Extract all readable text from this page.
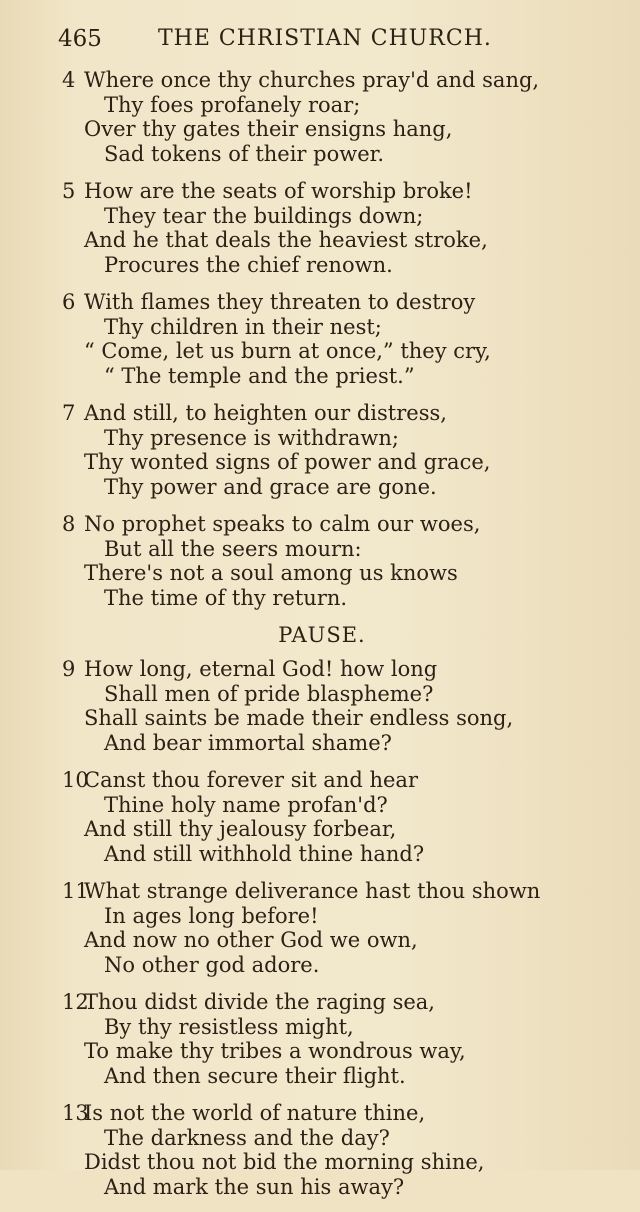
465	THE CHRISTIAN CHURCH.
4 Where once thy churches pray'd and sang,
Thy foes profanely roar;
Over thy gates their ensigns hang,
Sad tokens of their power.
5 How are the seats of worship broke!
They tear the buildings down;
And he that deals the heaviest stroke,
Procures the chief renown.
6 With flames they threaten to destroy
Thy children in their nest;
“ Come, let us burn at once,” they cry,
“ The temple and the priest.”
7 And still, to heighten our distress,
Thy presence is withdrawn;
Thy wonted signs of power and grace,
Thy power and grace are gone.
8 No prophet speaks to calm our woes,
But all the seers mourn:
There's not a soul among us knows
The time of thy return.
PAUSE.
9 How long, eternal God! how long
Shall men of pride blaspheme?
Shall saints be made their endless song,
And bear immortal shame?
10Canst thou forever sit and hear
Thine holy name profan'd?
And still thy jealousy forbear,
And still withhold thine hand?
11What strange deliverance hast thou shown
In ages long before!
And now no other God we own,
No other god adore.
12Thou didst divide the raging sea,
By thy resistless might,
To make thy tribes a wondrous way,
And then secure their flight.
13Is not the world of nature thine,
The darkness and the day?
Didst thou not bid the morning shine,
And mark the sun his away?
